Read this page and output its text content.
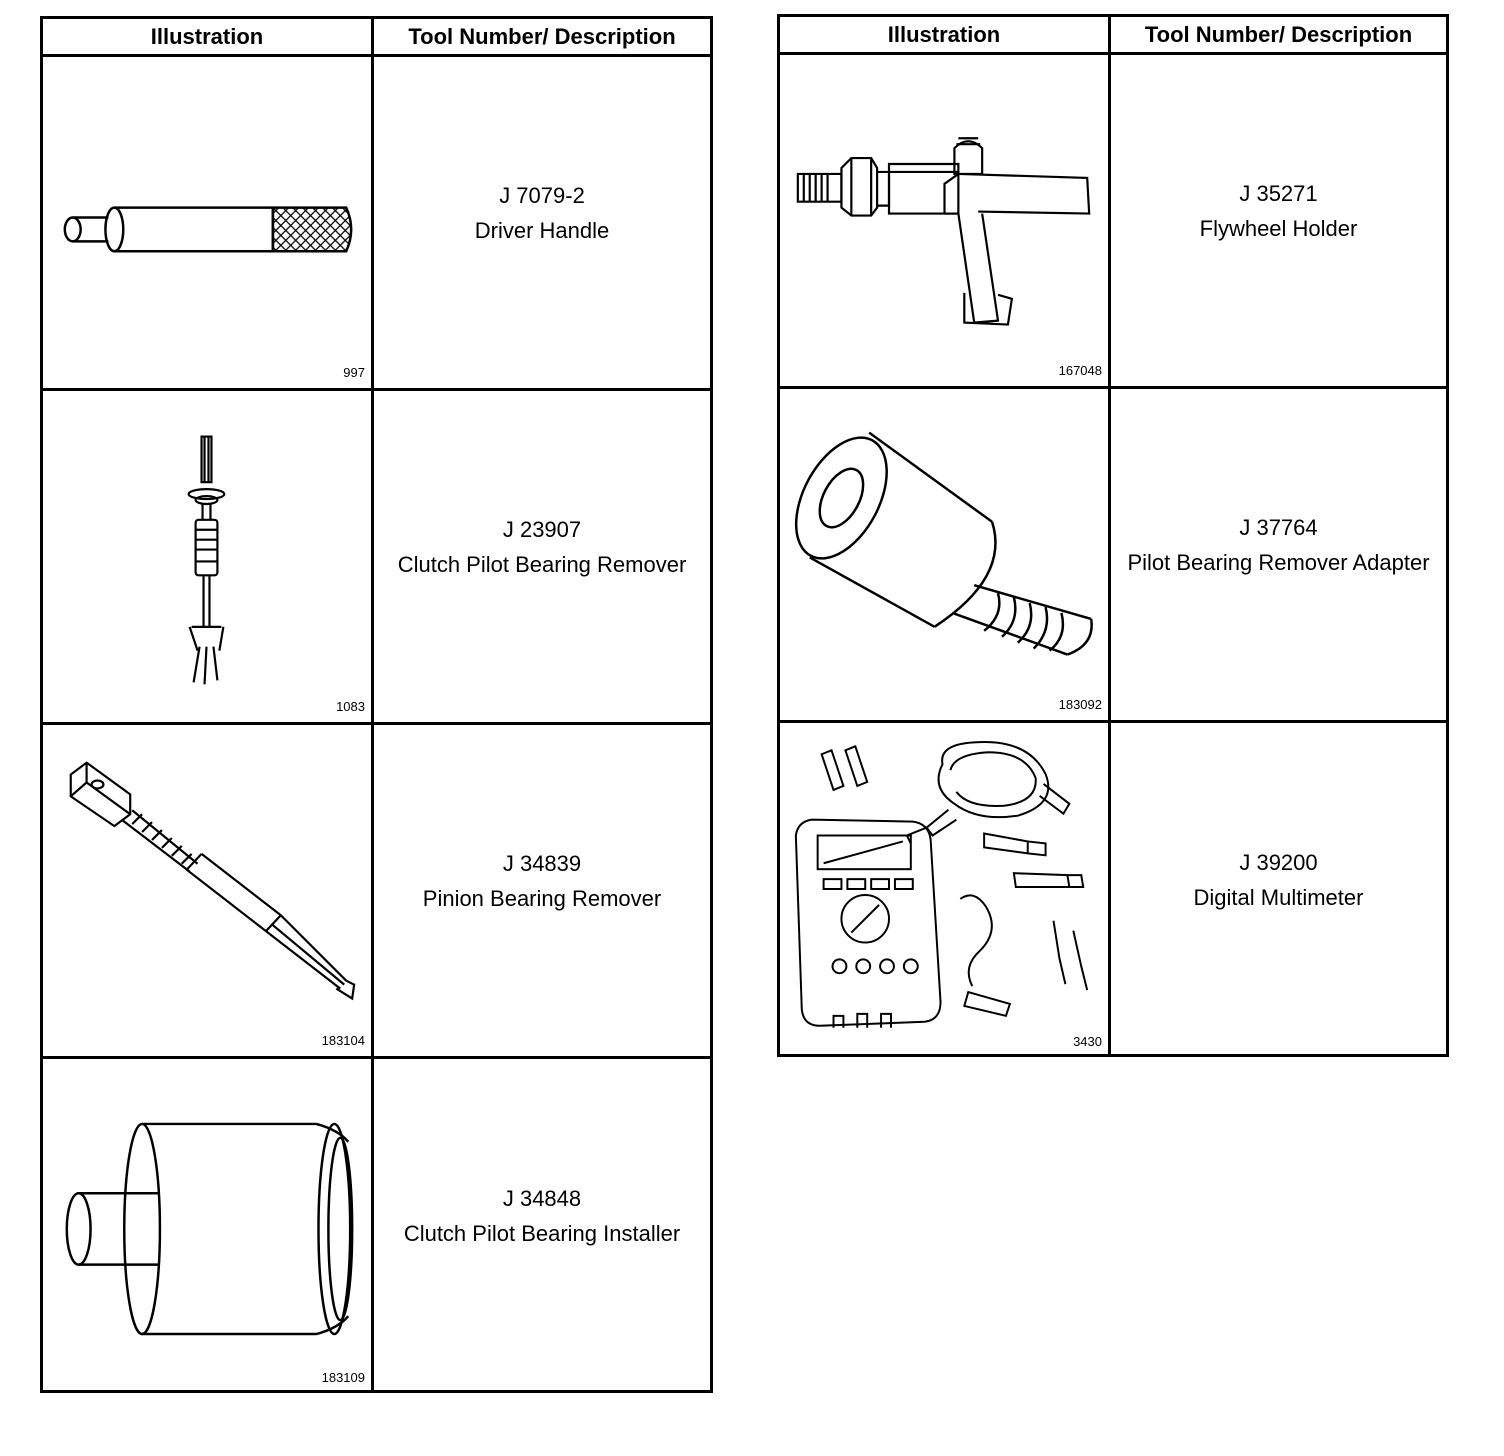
Illustration	Tool Number/ Description
997
J 7079-2
Driver Handle
1083
J 23907
Clutch Pilot Bearing Remover
183104
J 34839
Pinion Bearing Remover
183109
J 34848
Clutch Pilot Bearing Installer
Illustration	Tool Number/ Description
167048
J 35271
Flywheel Holder
183092
J 37764
Pilot Bearing Remover Adapter
3430
J 39200
Digital Multimeter
